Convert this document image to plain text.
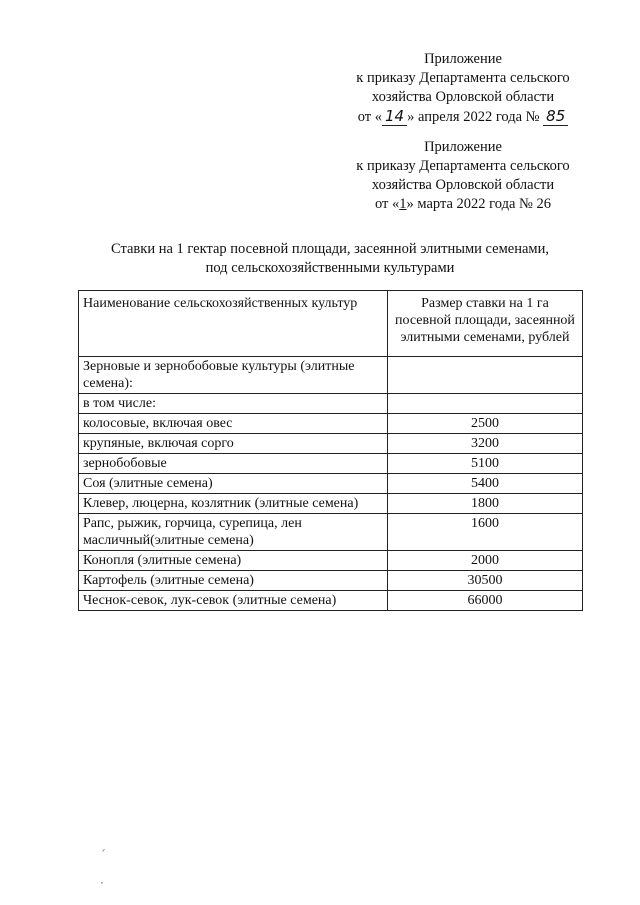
Приложение
к приказу Департамента сельского
хозяйства Орловской области
от « 14 » апреля 2022 года № 85
Приложение
к приказу Департамента сельского
хозяйства Орловской области
от «1» марта 2022 года № 26
Ставки на 1 гектар посевной площади, засеянной элитными семенами,
под сельскохозяйственными культурами
Наименование сельскохозяйственных культур	Размер ставки на 1 га посевной площади, засеянной элитными семенами, рублей
Зерновые и зернобобовые культуры (элитные семена):	
в том числе:	
колосовые, включая овес	2500
крупяные, включая сорго	3200
зернобобовые	5100
Соя (элитные семена)	5400
Клевер, люцерна, козлятник (элитные семена)	1800
Рапс, рыжик, горчица, сурепица, лен масличный(элитные семена)	1600
Конопля (элитные семена)	2000
Картофель (элитные семена)	30500
Чеснок-севок, лук-севок (элитные семена)	66000
ˊ
·
